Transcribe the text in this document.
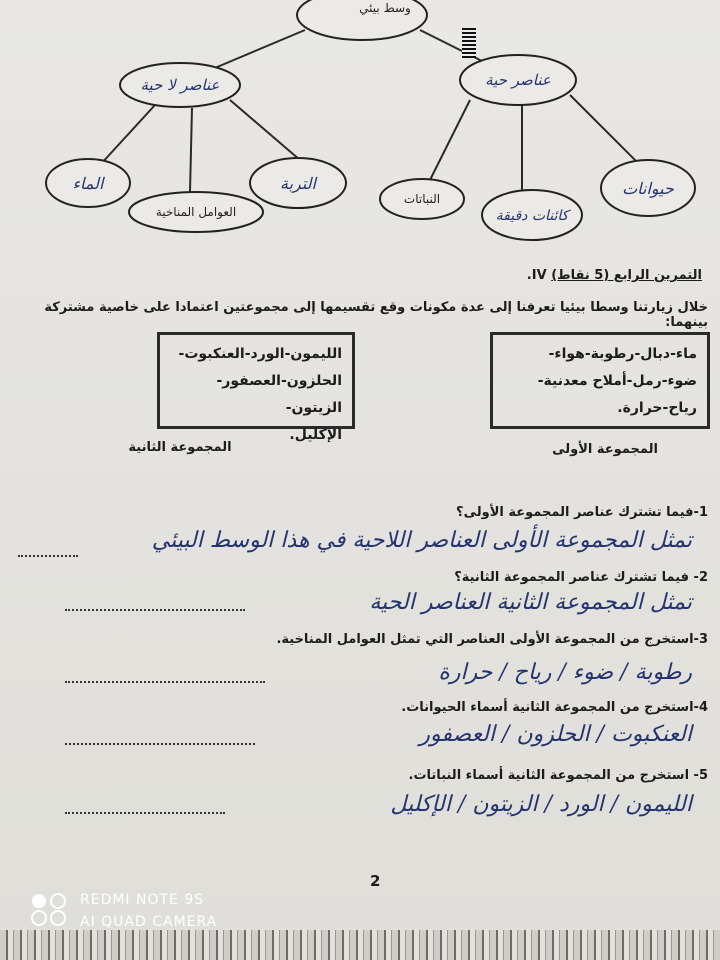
وسط بيئي
عناصر لا حية	عناصر حية
الماء
العوامل المناخية
التربة
النباتات
كائنات دقيقة
حيوانات
التمرين الرابع (5 نقاط) IV.
خلال زيارتنا وسطا بيئيا تعرفنا إلى عدة مكونات وقع تقسيمها إلى مجموعتين اعتمادا على خاصية مشتركة بينهما:
ماء-دبال-رطوبة-هواء-
ضوء-رمل-أملاح معدنية-
رياح-حرارة.
الليمون-الورد-العنكبوت-
الحلزون-العصفور-الزيتون-
الإكليل.
المجموعة الأولى
المجموعة الثانية
1-فيما تشترك عناصر المجموعة الأولى؟
تمثل المجموعة الأولى العناصر اللاحية في هذا الوسط البيئي
2- فيما تشترك عناصر المجموعة الثانية؟
تمثل المجموعة الثانية العناصر الحية
3-استخرج من المجموعة الأولى العناصر التي تمثل العوامل المناخية.
رطوبة / ضوء / رياح / حرارة
4-استخرج من المجموعة الثانية أسماء الحيوانات.
العنكبوت / الحلزون / العصفور
5- استخرج من المجموعة الثانية أسماء النباتات.
الليمون / الورد / الزيتون / الإكليل
2
REDMI NOTE 9S
AI QUAD CAMERA
